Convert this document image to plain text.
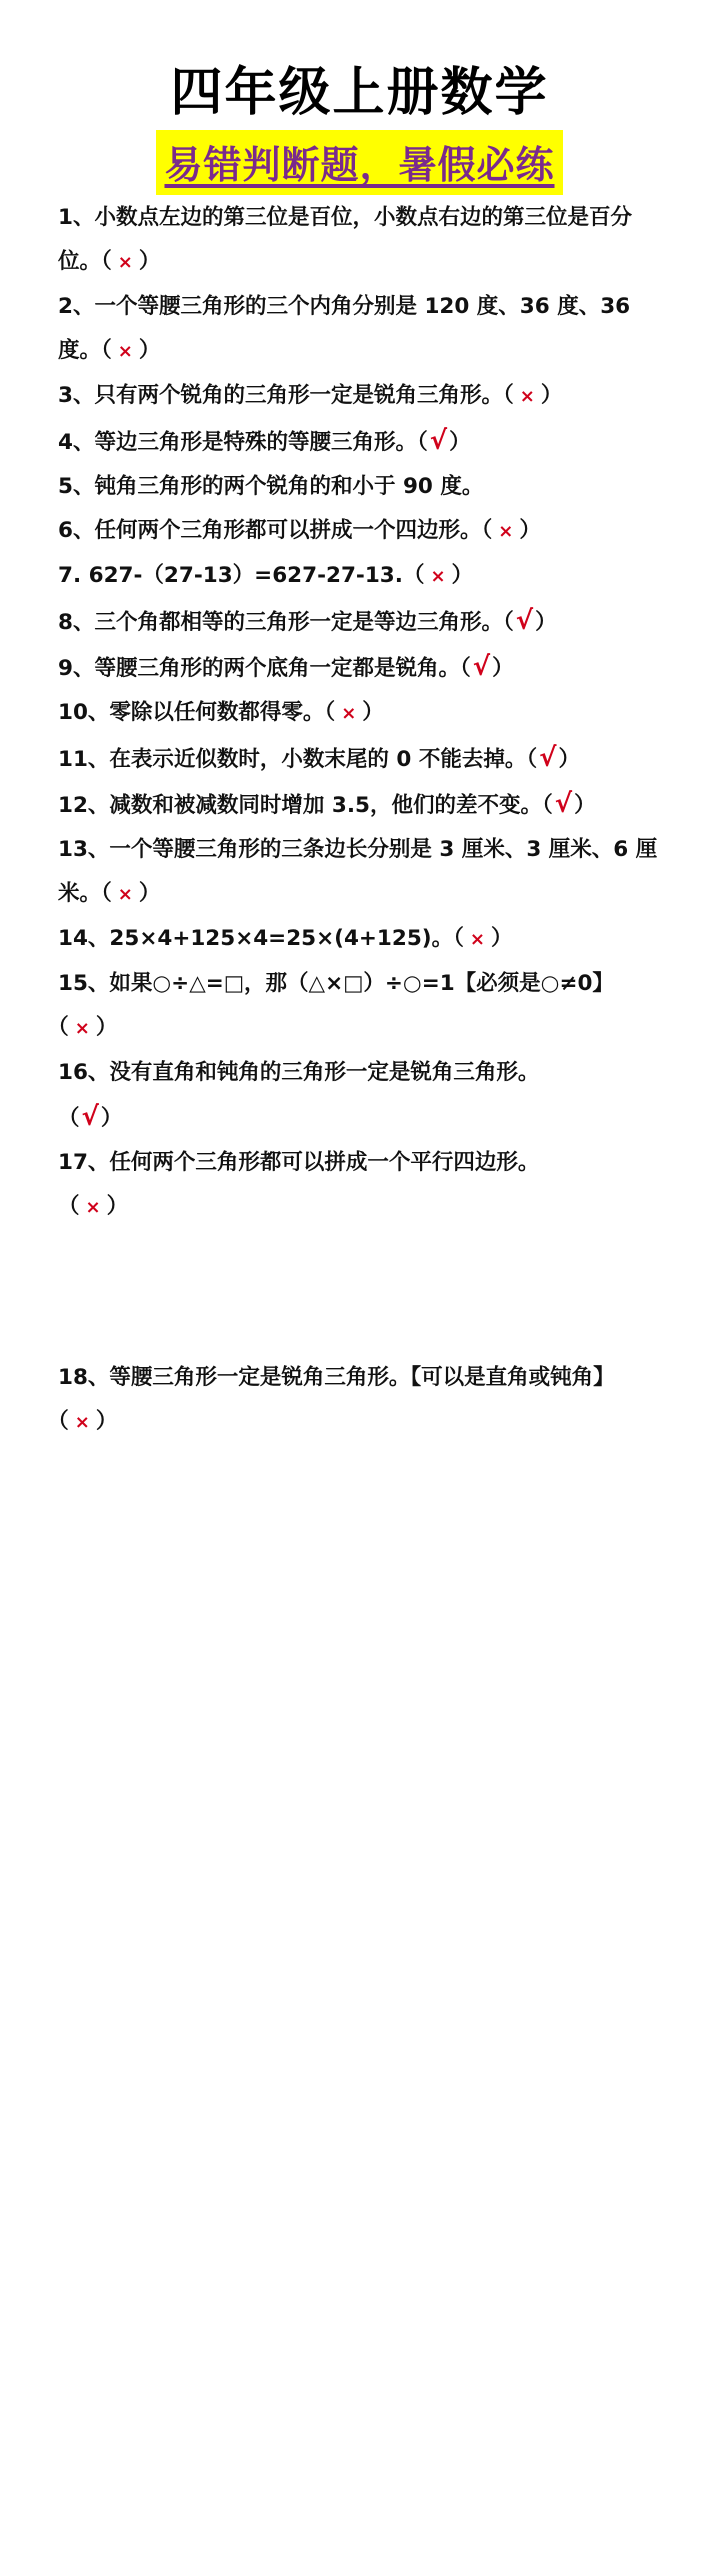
四年级上册数学
易错判断题，暑假必练
1、小数点左边的第三位是百位，小数点右边的第三位是百分位。（ × ）
2、一个等腰三角形的三个内角分别是 120 度、36 度、36 度。（ × ）
3、只有两个锐角的三角形一定是锐角三角形。（ × ）
4、等边三角形是特殊的等腰三角形。（√）
5、钝角三角形的两个锐角的和小于 90 度。
6、任何两个三角形都可以拼成一个四边形。（ × ）
7. 627-（27-13）=627-27-13.（ × ）
8、三个角都相等的三角形一定是等边三角形。（√）
9、等腰三角形的两个底角一定都是锐角。（√）
10、零除以任何数都得零。（ × ）
11、在表示近似数时，小数末尾的 0 不能去掉。（√）
12、减数和被减数同时增加 3.5，他们的差不变。（√）
13、一个等腰三角形的三条边长分别是 3 厘米、3 厘米、6 厘米。（ × ）
14、25×4+125×4=25×(4+125)。（ × ）
15、如果○÷△=□，那（△×□）÷○=1【必须是○≠0】（ × ）
16、没有直角和钝角的三角形一定是锐角三角形。
（√）
17、任何两个三角形都可以拼成一个平行四边形。
（ × ）
18、等腰三角形一定是锐角三角形。【可以是直角或钝角】（ × ）
